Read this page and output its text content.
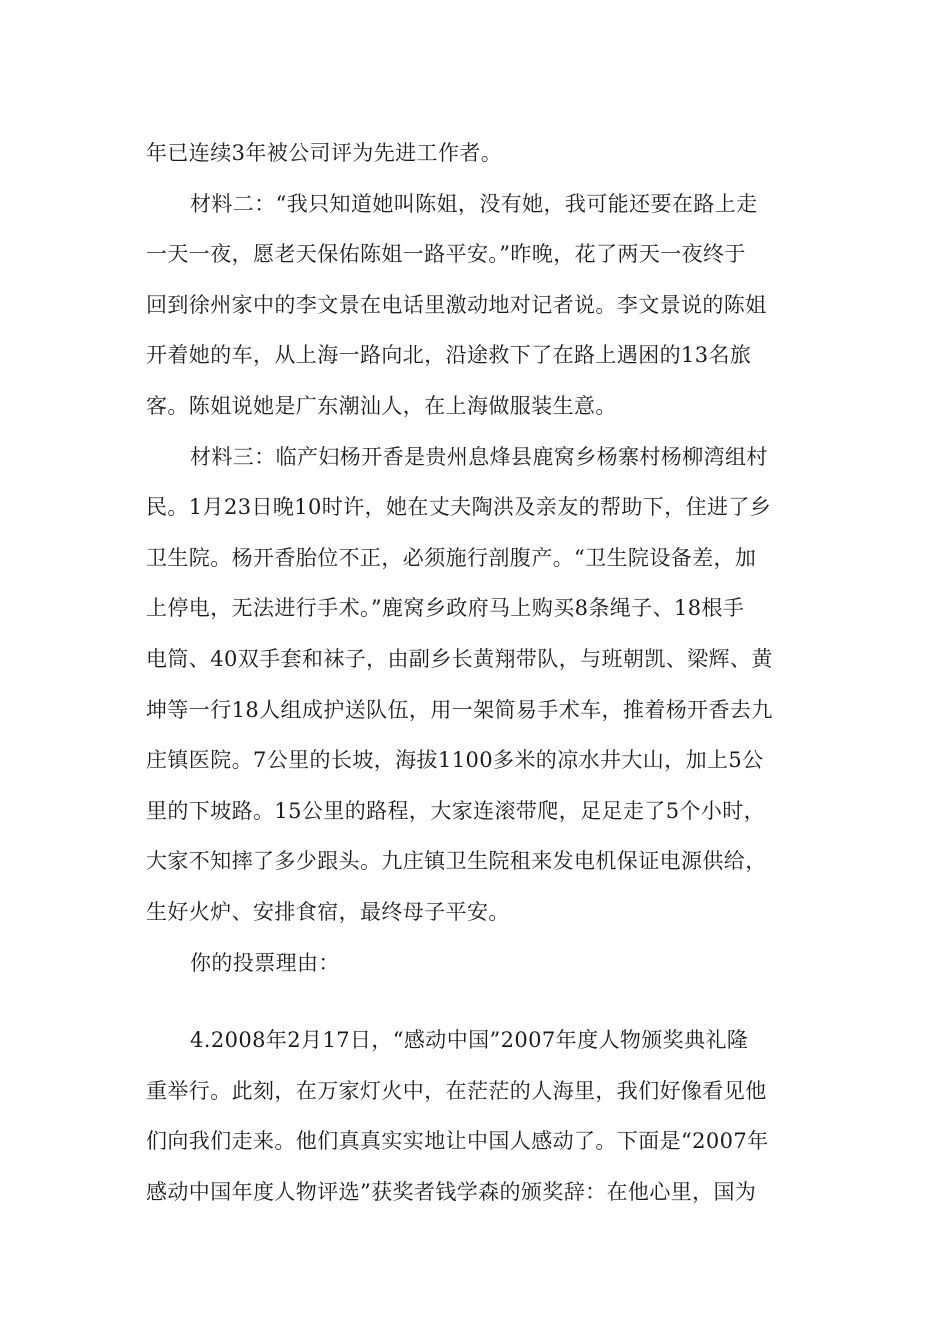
年已连续3年被公司评为先进工作者。
材料二：“我只知道她叫陈姐，没有她，我可能还要在路上走
一天一夜，愿老天保佑陈姐一路平安。”昨晚，花了两天一夜终于
回到徐州家中的李文景在电话里激动地对记者说。李文景说的陈姐
开着她的车，从上海一路向北，沿途救下了在路上遇困的13名旅
客。陈姐说她是广东潮汕人，在上海做服装生意。
材料三：临产妇杨开香是贵州息烽县鹿窝乡杨寨村杨柳湾组村
民。1月23日晚10时许，她在丈夫陶洪及亲友的帮助下，住进了乡
卫生院。杨开香胎位不正，必须施行剖腹产。“卫生院设备差，加
上停电，无法进行手术。”鹿窝乡政府马上购买8条绳子、18根手
电筒、40双手套和袜子，由副乡长黄翔带队，与班朝凯、梁辉、黄
坤等一行18人组成护送队伍，用一架简易手术车，推着杨开香去九
庄镇医院。7公里的长坡，海拔1100多米的凉水井大山，加上5公
里的下坡路。15公里的路程，大家连滚带爬，足足走了5个小时，
大家不知摔了多少跟头。九庄镇卫生院租来发电机保证电源供给，
生好火炉、安排食宿，最终母子平安。
你的投票理由：
4.2008年2月17日，“感动中国”2007年度人物颁奖典礼隆
重举行。此刻，在万家灯火中，在茫茫的人海里，我们好像看见他
们向我们走来。他们真真实实地让中国人感动了。下面是“2007年
感动中国年度人物评选”获奖者钱学森的颁奖辞：在他心里，国为
